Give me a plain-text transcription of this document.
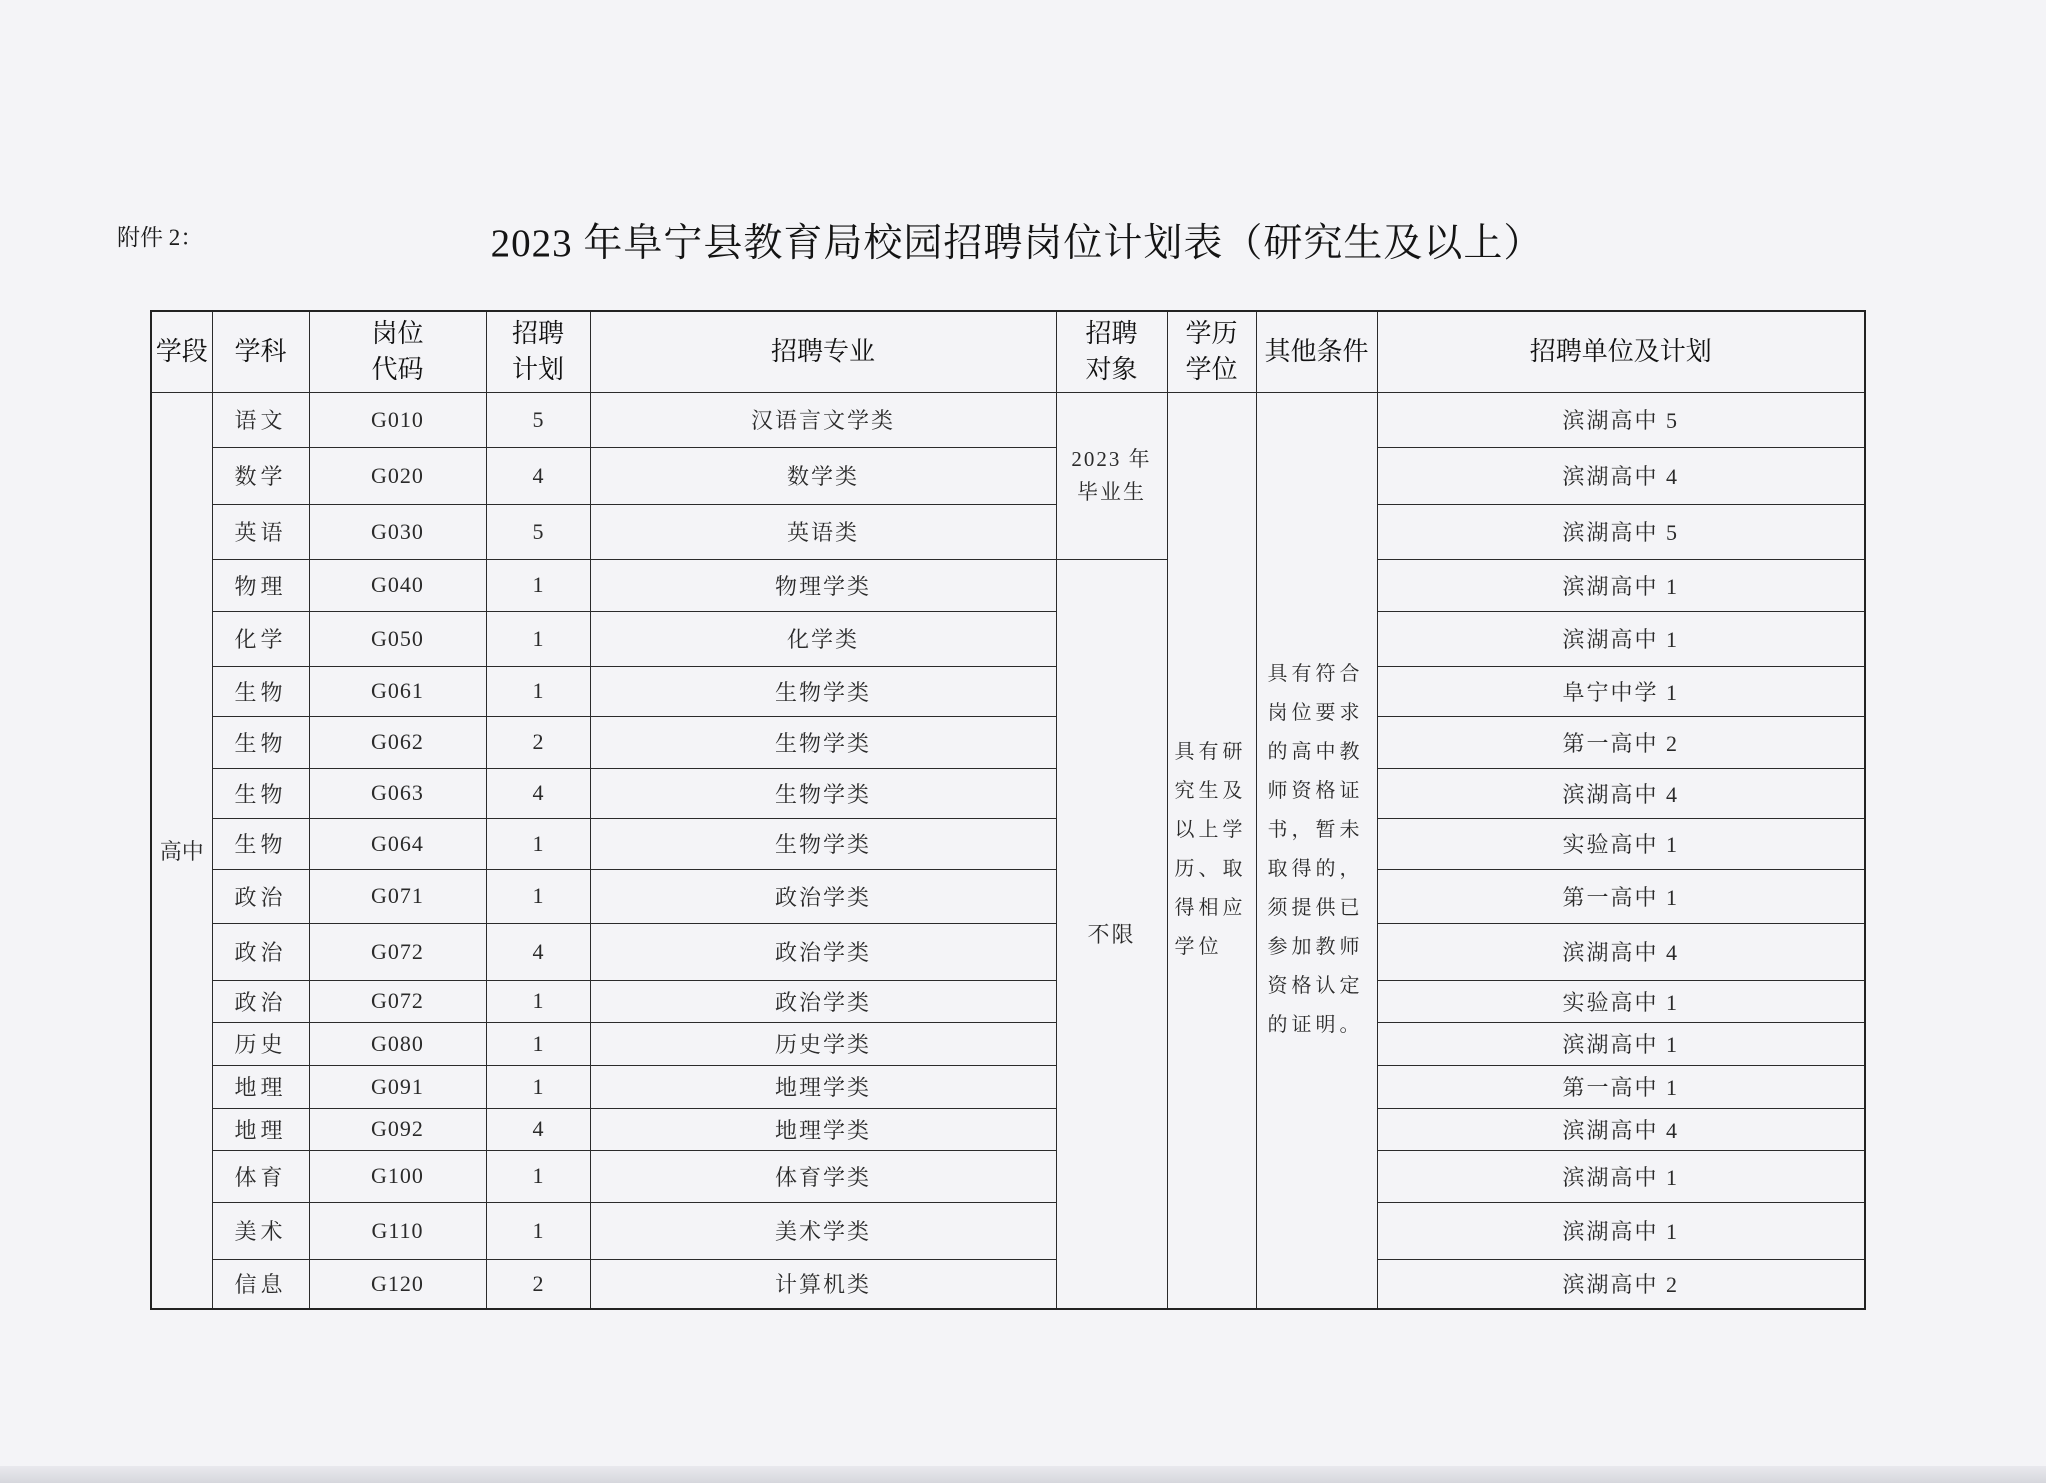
附件 2：	2023 年阜宁县教育局校园招聘岗位计划表（研究生及以上）
学段	学科	岗位代码	招聘计划	招聘专业	招聘对象	学历学位	其他条件	招聘单位及计划
高中	语文	G010	5	汉语言文学类	2023 年毕业生	具有研究生及以上学历、取得相应学位	具有符合岗位要求的高中教师资格证书，暂未取得的，须提供已参加教师资格认定的证明。	滨湖高中 5
	数学	G020	4	数学类				滨湖高中 4
	英语	G030	5	英语类				滨湖高中 5
	物理	G040	1	物理学类	不限			滨湖高中 1
	化学	G050	1	化学类				滨湖高中 1
	生物	G061	1	生物学类				阜宁中学 1
	生物	G062	2	生物学类				第一高中 2
	生物	G063	4	生物学类				滨湖高中 4
	生物	G064	1	生物学类				实验高中 1
	政治	G071	1	政治学类				第一高中 1
	政治	G072	4	政治学类				滨湖高中 4
	政治	G072	1	政治学类				实验高中 1
	历史	G080	1	历史学类				滨湖高中 1
	地理	G091	1	地理学类				第一高中 1
	地理	G092	4	地理学类				滨湖高中 4
	体育	G100	1	体育学类				滨湖高中 1
	美术	G110	1	美术学类				滨湖高中 1
	信息	G120	2	计算机类				滨湖高中 2
